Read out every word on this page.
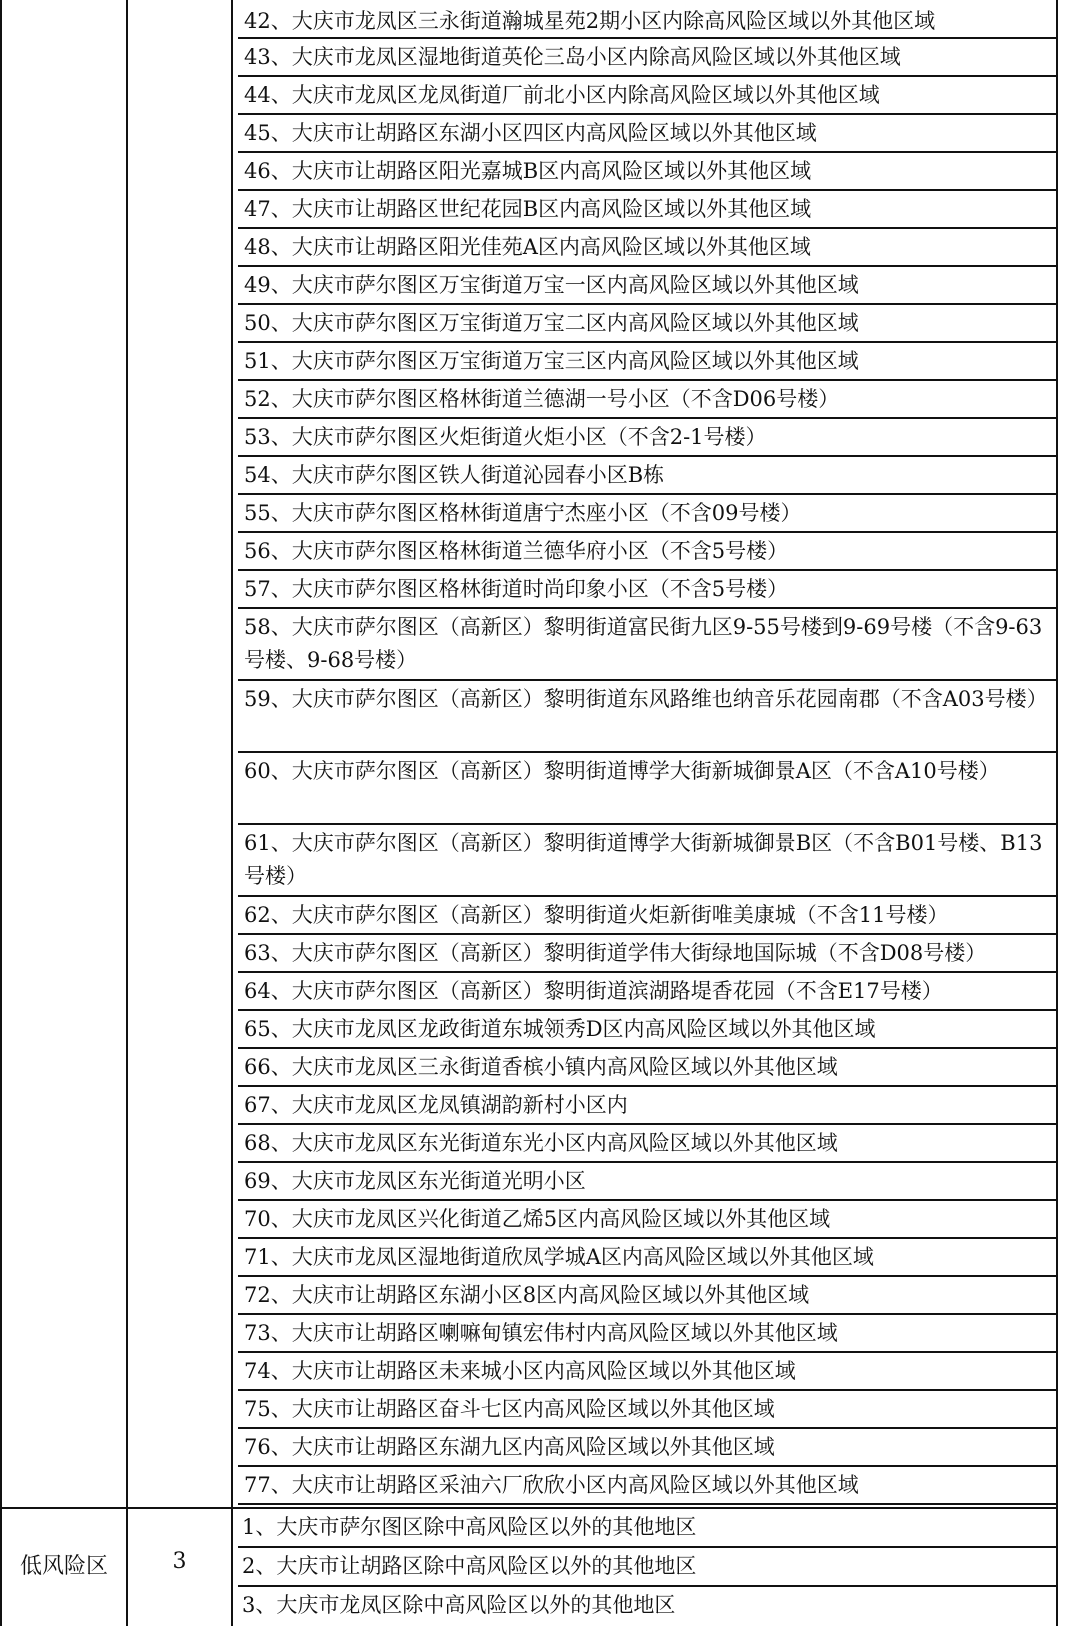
42、大庆市龙凤区三永街道瀚城星苑2期小区内除高风险区域以外其他区域
43、大庆市龙凤区湿地街道英伦三岛小区内除高风险区域以外其他区域
44、大庆市龙凤区龙凤街道厂前北小区内除高风险区域以外其他区域
45、大庆市让胡路区东湖小区四区内高风险区域以外其他区域
46、大庆市让胡路区阳光嘉城B区内高风险区域以外其他区域
47、大庆市让胡路区世纪花园B区内高风险区域以外其他区域
48、大庆市让胡路区阳光佳苑A区内高风险区域以外其他区域
49、大庆市萨尔图区万宝街道万宝一区内高风险区域以外其他区域
50、大庆市萨尔图区万宝街道万宝二区内高风险区域以外其他区域
51、大庆市萨尔图区万宝街道万宝三区内高风险区域以外其他区域
52、大庆市萨尔图区格林街道兰德湖一号小区（不含D06号楼）
53、大庆市萨尔图区火炬街道火炬小区（不含2-1号楼）
54、大庆市萨尔图区铁人街道沁园春小区B栋
55、大庆市萨尔图区格林街道唐宁杰座小区（不含09号楼）
56、大庆市萨尔图区格林街道兰德华府小区（不含5号楼）
57、大庆市萨尔图区格林街道时尚印象小区（不含5号楼）
58、大庆市萨尔图区（高新区）黎明街道富民街九区9-55号楼到9-69号楼（不含9-63号楼、9-68号楼）
59、大庆市萨尔图区（高新区）黎明街道东风路维也纳音乐花园南郡（不含A03号楼）
60、大庆市萨尔图区（高新区）黎明街道博学大街新城御景A区（不含A10号楼）
61、大庆市萨尔图区（高新区）黎明街道博学大街新城御景B区（不含B01号楼、B13号楼）
62、大庆市萨尔图区（高新区）黎明街道火炬新街唯美康城（不含11号楼）
63、大庆市萨尔图区（高新区）黎明街道学伟大街绿地国际城（不含D08号楼）
64、大庆市萨尔图区（高新区）黎明街道滨湖路堤香花园（不含E17号楼）
65、大庆市龙凤区龙政街道东城领秀D区内高风险区域以外其他区域
66、大庆市龙凤区三永街道香槟小镇内高风险区域以外其他区域
67、大庆市龙凤区龙凤镇湖韵新村小区内
68、大庆市龙凤区东光街道东光小区内高风险区域以外其他区域
69、大庆市龙凤区东光街道光明小区
70、大庆市龙凤区兴化街道乙烯5区内高风险区域以外其他区域
71、大庆市龙凤区湿地街道欣凤学城A区内高风险区域以外其他区域
72、大庆市让胡路区东湖小区8区内高风险区域以外其他区域
73、大庆市让胡路区喇嘛甸镇宏伟村内高风险区域以外其他区域
74、大庆市让胡路区未来城小区内高风险区域以外其他区域
75、大庆市让胡路区奋斗七区内高风险区域以外其他区域
76、大庆市让胡路区东湖九区内高风险区域以外其他区域
77、大庆市让胡路区采油六厂欣欣小区内高风险区域以外其他区域
低风险区	3
1、大庆市萨尔图区除中高风险区以外的其他地区
2、大庆市让胡路区除中高风险区以外的其他地区
3、大庆市龙凤区除中高风险区以外的其他地区
